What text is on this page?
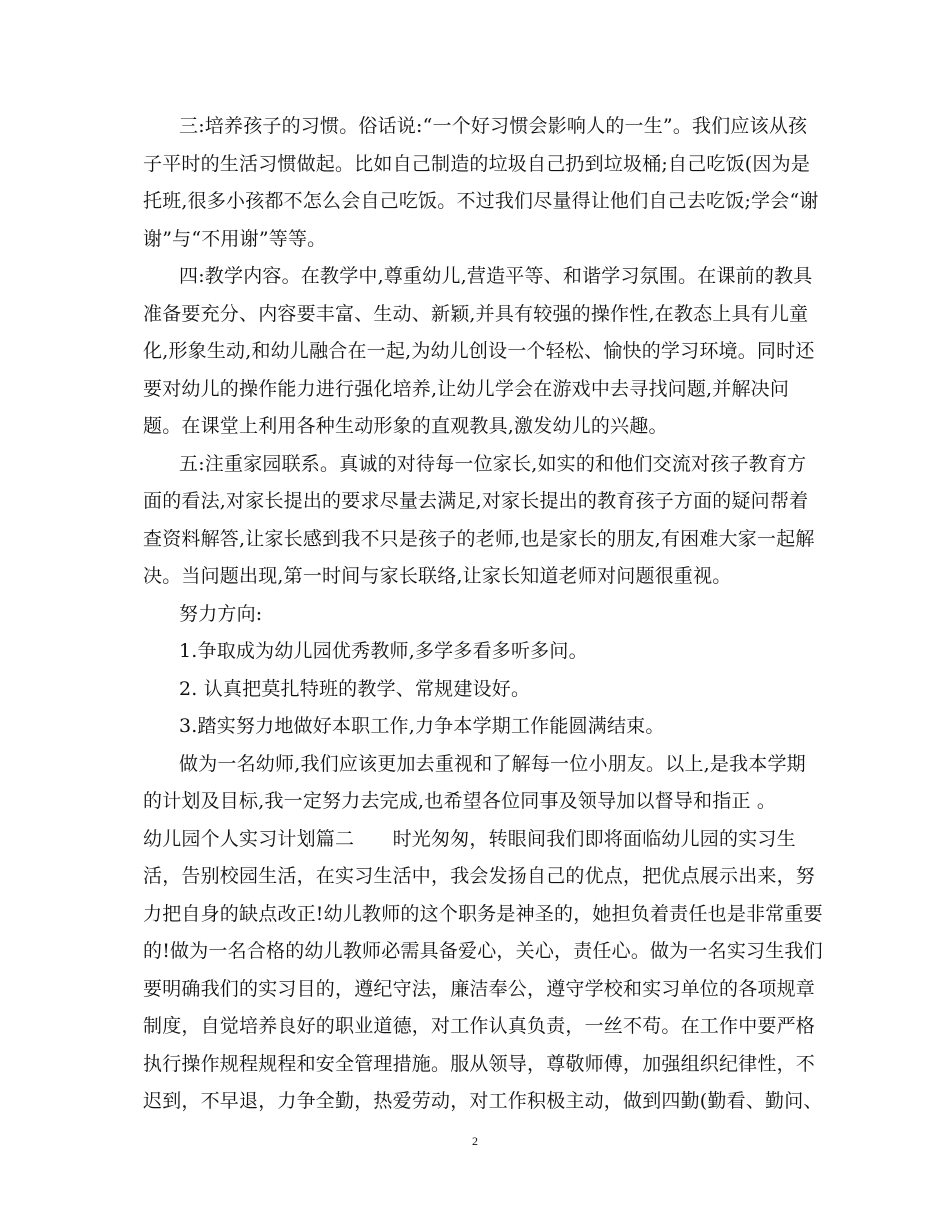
三:培养孩子的习惯。俗话说:“一个好习惯会影响人的一生”。我们应该从孩
子平时的生活习惯做起。比如自己制造的垃圾自己扔到垃圾桶;自己吃饭(因为是
托班,很多小孩都不怎么会自己吃饭。不过我们尽量得让他们自己去吃饭;学会“谢
谢”与“不用谢”等等。
四:教学内容。在教学中,尊重幼儿,营造平等、和谐学习氛围。在课前的教具
准备要充分、内容要丰富、生动、新颖,并具有较强的操作性,在教态上具有儿童
化,形象生动,和幼儿融合在一起,为幼儿创设一个轻松、愉快的学习环境。同时还
要对幼儿的操作能力进行强化培养,让幼儿学会在游戏中去寻找问题,并解决问
题。在课堂上利用各种生动形象的直观教具,激发幼儿的兴趣。
五:注重家园联系。真诚的对待每一位家长,如实的和他们交流对孩子教育方
面的看法,对家长提出的要求尽量去满足,对家长提出的教育孩子方面的疑问帮着
查资料解答,让家长感到我不只是孩子的老师,也是家长的朋友,有困难大家一起解
决。当问题出现,第一时间与家长联络,让家长知道老师对问题很重视。
努力方向:
1.争取成为幼儿园优秀教师,多学多看多听多问。
2. 认真把莫扎特班的教学、常规建设好。
3.踏实努力地做好本职工作,力争本学期工作能圆满结束。
做为一名幼师,我们应该更加去重视和了解每一位小朋友。以上,是我本学期
的计划及目标,我一定努力去完成,也希望各位同事及领导加以督导和指正 。
幼儿园个人实习计划篇二　　时光匆匆，转眼间我们即将面临幼儿园的实习生
活，告别校园生活，在实习生活中，我会发扬自己的优点，把优点展示出来，努
力把自身的缺点改正!幼儿教师的这个职务是神圣的，她担负着责任也是非常重要
的!做为一名合格的幼儿教师必需具备爱心，关心，责任心。做为一名实习生我们
要明确我们的实习目的，遵纪守法，廉洁奉公，遵守学校和实习单位的各项规章
制度，自觉培养良好的职业道德，对工作认真负责，一丝不苟。在工作中要严格
执行操作规程规程和安全管理措施。服从领导，尊敬师傅，加强组织纪律性，不
迟到，不早退，力争全勤，热爱劳动，对工作积极主动，做到四勤(勤看、勤问、
2
